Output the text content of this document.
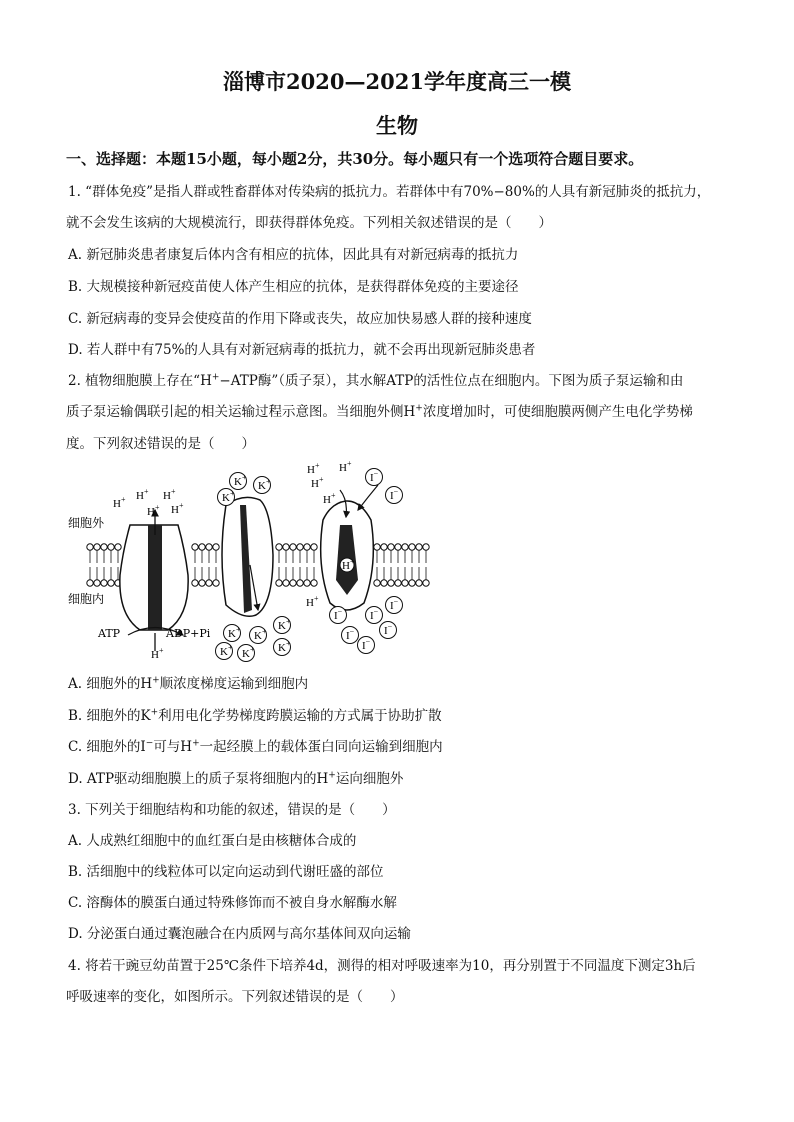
淄博市2020—2021学年度高三一模
生物
一、选择题：本题15小题，每小题2分，共30分。每小题只有一个选项符合题目要求。
1. “群体免疫”是指人群或牲畜群体对传染病的抵抗力。若群体中有70%−80%的人具有新冠肺炎的抵抗力，
就不会发生该病的大规模流行，即获得群体免疫。下列相关叙述错误的是（　　）
A. 新冠肺炎患者康复后体内含有相应的抗体，因此具有对新冠病毒的抵抗力
B. 大规模接种新冠疫苗使人体产生相应的抗体，是获得群体免疫的主要途径
C. 新冠病毒的变异会使疫苗的作用下降或丧失，故应加快易感人群的接种速度
D. 若人群中有75%的人具有对新冠病毒的抵抗力，就不会再出现新冠肺炎患者
2. 植物细胞膜上存在“H+−ATP酶”（质子泵），其水解ATP的活性位点在细胞内。下图为质子泵运输和由
质子泵运输偶联引起的相关运输过程示意图。当细胞外侧H+浓度增加时，可使细胞膜两侧产生电化学势梯
度。下列叙述错误的是（　　）
H+ H+ H+
H+ H+
H+
H+ H+
H+
H+
H+
K+
K+
K+
K+
K+ K+
K+
K+ K+
I−
I−
I−
I−
I− I−
I−
I−
H+
细胞外
细胞内
ATP	ADP+Pi
A. 细胞外的H+顺浓度梯度运输到细胞内
B. 细胞外的K+利用电化学势梯度跨膜运输的方式属于协助扩散
C. 细胞外的I−可与H+一起经膜上的载体蛋白同向运输到细胞内
D. ATP驱动细胞膜上的质子泵将细胞内的H+运向细胞外
3. 下列关于细胞结构和功能的叙述，错误的是（　　）
A. 人成熟红细胞中的血红蛋白是由核糖体合成的
B. 活细胞中的线粒体可以定向运动到代谢旺盛的部位
C. 溶酶体的膜蛋白通过特殊修饰而不被自身水解酶水解
D. 分泌蛋白通过囊泡融合在内质网与高尔基体间双向运输
4. 将若干豌豆幼苗置于25℃条件下培养4d，测得的相对呼吸速率为10，再分别置于不同温度下测定3h后
呼吸速率的变化，如图所示。下列叙述错误的是（　　）
